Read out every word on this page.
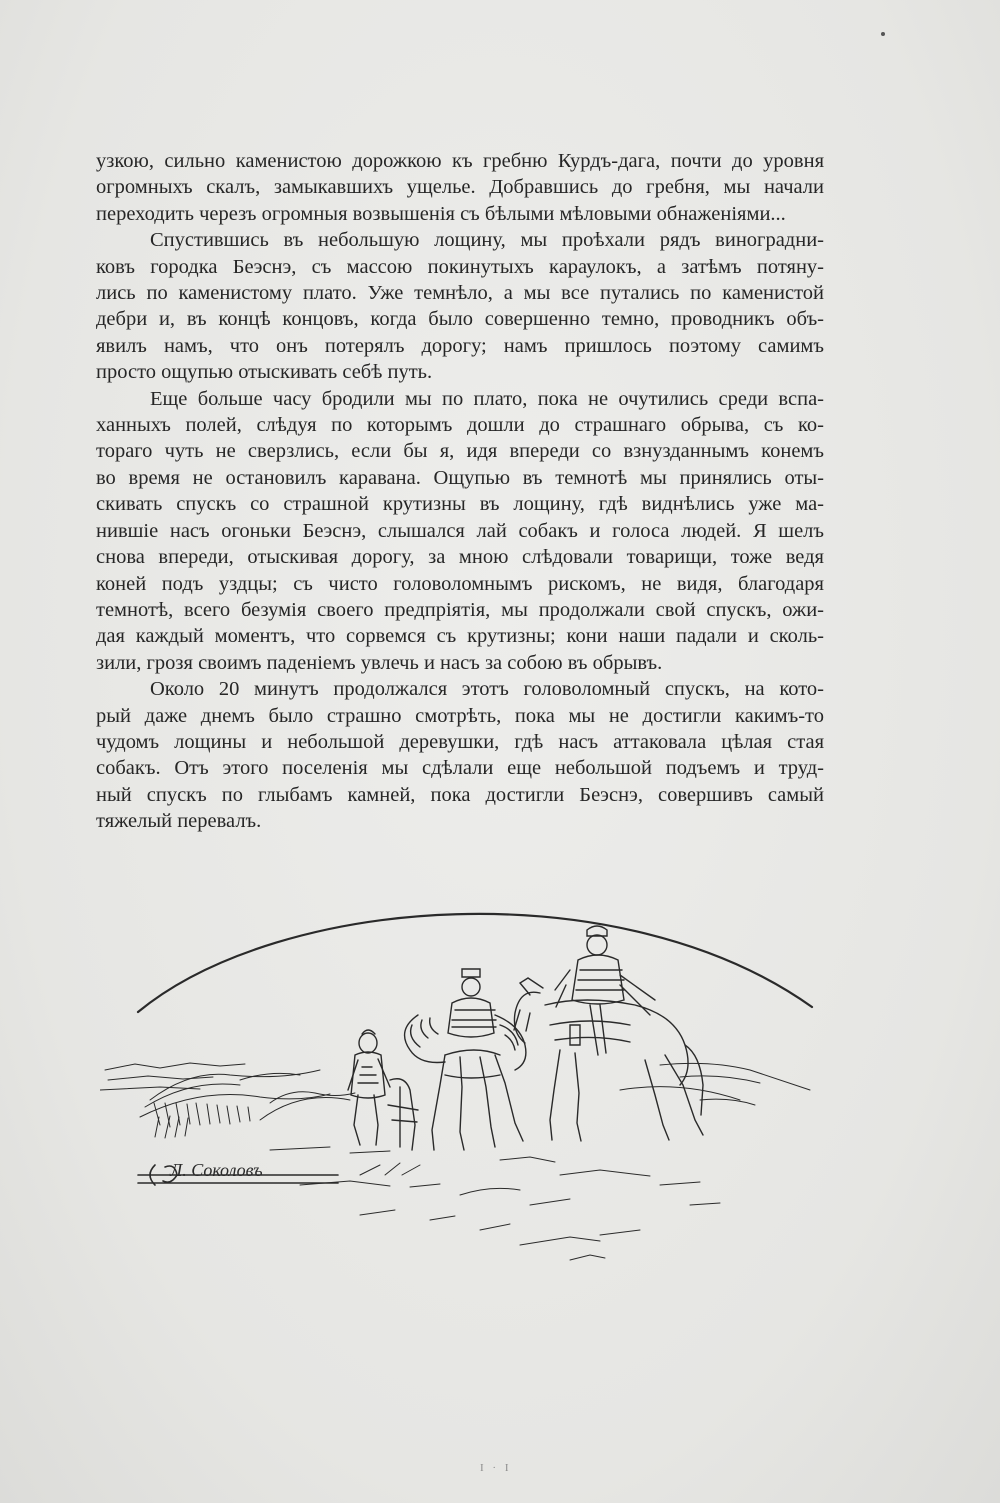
узкою, сильно каменистою дорожкою къ гребню Курдъ-дага, почти до уровня
огромныхъ скалъ, замыкавшихъ ущелье. Добравшись до гребня, мы начали
переходить черезъ огромныя возвышенія съ бѣлыми мѣловыми обнаженіями...

Спустившись въ небольшую лощину, мы проѣхали рядъ виноградни-
ковъ городка Беэснэ, съ массою покинутыхъ караулокъ, а затѣмъ потяну-
лись по каменистому плато. Уже темнѣло, а мы все путались по каменистой
дебри и, въ концѣ концовъ, когда было совершенно темно, проводникъ объ-
явилъ намъ, что онъ потерялъ дорогу; намъ пришлось поэтому самимъ
просто ощупью отыскивать себѣ путь.

Еще больше часу бродили мы по плато, пока не очутились среди вспа-
ханныхъ полей, слѣдуя по которымъ дошли до страшнаго обрыва, съ ко-
тораго чуть не сверзлись, если бы я, идя впереди со взнузданнымъ конемъ
во время не остановилъ каравана. Ощупью въ темнотѣ мы принялись оты-
скивать спускъ со страшной крутизны въ лощину, гдѣ виднѣлись уже ма-
нившіе насъ огоньки Беэснэ, слышался лай собакъ и голоса людей. Я шелъ
снова впереди, отыскивая дорогу, за мною слѣдовали товарищи, тоже ведя
коней подъ уздцы; съ чисто головоломнымъ рискомъ, не видя, благодаря
темнотѣ, всего безумія своего предпріятія, мы продолжали свой спускъ, ожи-
дая каждый моментъ, что сорвемся съ крутизны; кони наши падали и сколь-
зили, грозя своимъ паденіемъ увлечь и насъ за собою въ обрывъ.

Около 20 минутъ продолжался этотъ головоломный спускъ, на кото-
рый даже днемъ было страшно смотрѣть, пока мы не достигли какимъ-то
чудомъ лощины и небольшой деревушки, гдѣ насъ аттаковала цѣлая стая
собакъ. Отъ этого поселенія мы сдѣлали еще небольшой подъемъ и труд-
ный спускъ по глыбамъ камней, пока достигли Беэснэ, совершивъ самый
тяжелый перевалъ.

Л. Соколовъ
І · І
